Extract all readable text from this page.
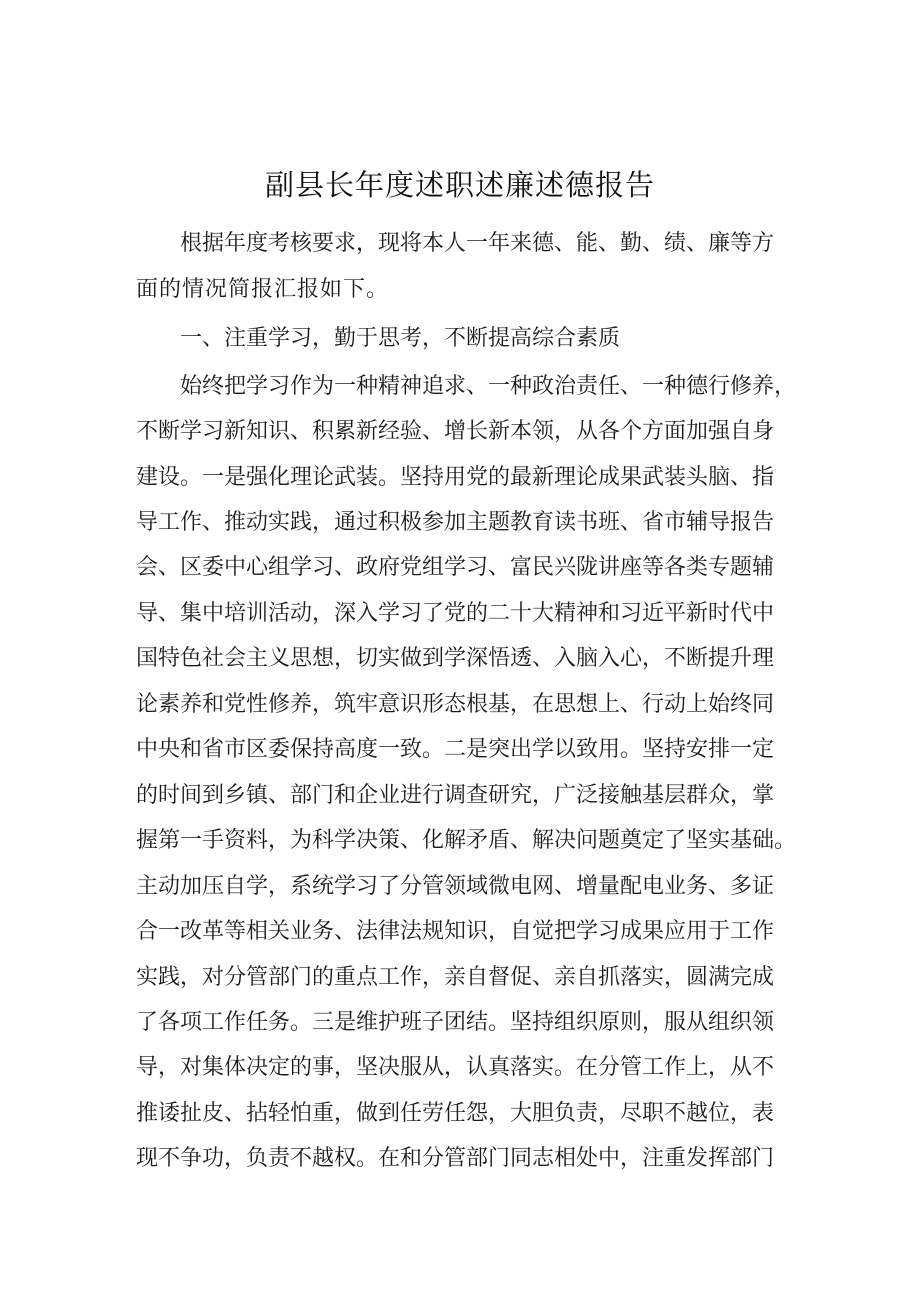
副县长年度述职述廉述德报告

根据年度考核要求，现将本人一年来德、能、勤、绩、廉等方

面的情况简报汇报如下。

一、注重学习，勤于思考，不断提高综合素质

始终把学习作为一种精神追求、一种政治责任、一种德行修养，

不断学习新知识、积累新经验、增长新本领，从各个方面加强自身

建设。一是强化理论武装。坚持用党的最新理论成果武装头脑、指

导工作、推动实践，通过积极参加主题教育读书班、省市辅导报告

会、区委中心组学习、政府党组学习、富民兴陇讲座等各类专题辅

导、集中培训活动，深入学习了党的二十大精神和习近平新时代中

国特色社会主义思想，切实做到学深悟透、入脑入心，不断提升理

论素养和党性修养，筑牢意识形态根基，在思想上、行动上始终同

中央和省市区委保持高度一致。二是突出学以致用。坚持安排一定

的时间到乡镇、部门和企业进行调查研究，广泛接触基层群众，掌

握第一手资料，为科学决策、化解矛盾、解决问题奠定了坚实基础。

主动加压自学，系统学习了分管领域微电网、增量配电业务、多证

合一改革等相关业务、法律法规知识，自觉把学习成果应用于工作

实践，对分管部门的重点工作，亲自督促、亲自抓落实，圆满完成

了各项工作任务。三是维护班子团结。坚持组织原则，服从组织领

导，对集体决定的事，坚决服从，认真落实。在分管工作上，从不

推诿扯皮、拈轻怕重，做到任劳任怨，大胆负责，尽职不越位，表

现不争功，负责不越权。在和分管部门同志相处中，注重发挥部门
